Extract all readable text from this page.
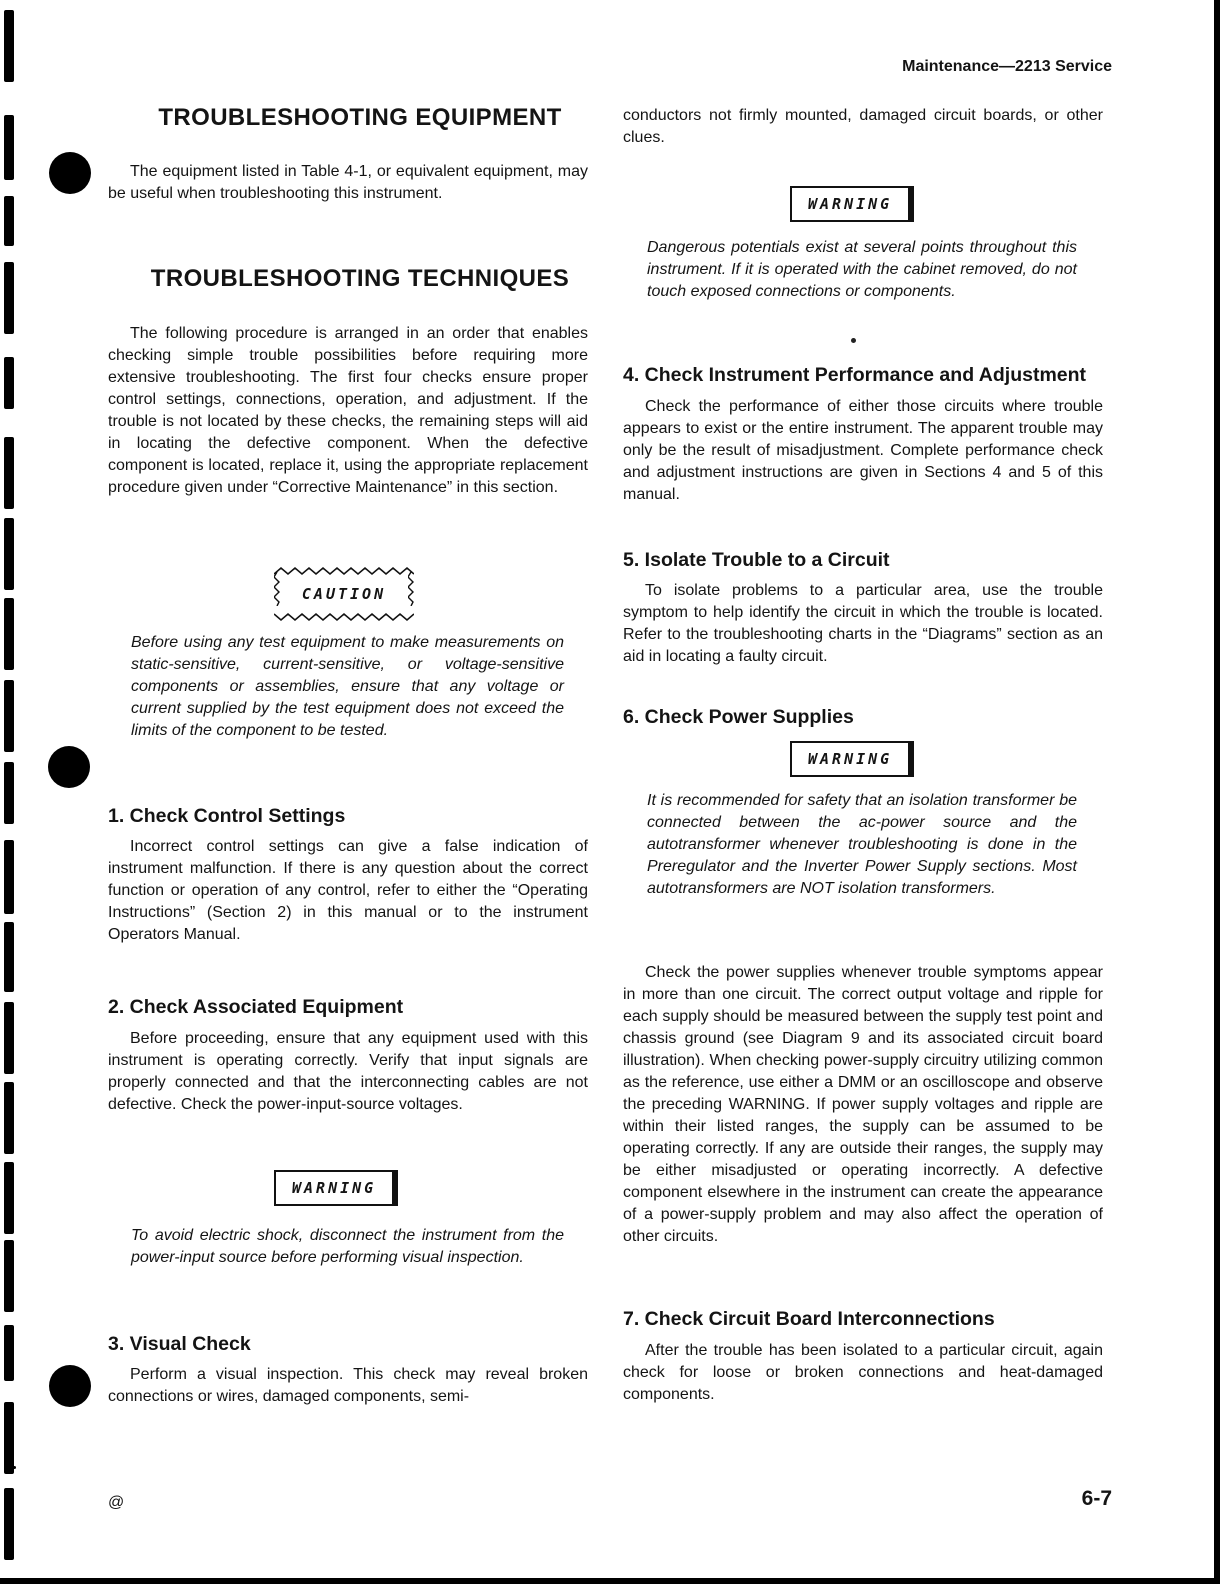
Maintenance—2213 Service
@	6-7
TROUBLESHOOTING EQUIPMENT

The equipment listed in Table 4-1, or equivalent equipment, may be useful when troubleshooting this instrument.

TROUBLESHOOTING TECHNIQUES

The following procedure is arranged in an order that enables checking simple trouble possibilities before requiring more extensive troubleshooting. The first four checks ensure proper control settings, connections, operation, and adjustment. If the trouble is not located by these checks, the remaining steps will aid in locating the defective component. When the defective component is located, replace it, using the appropriate replacement procedure given under “Corrective Maintenance” in this section.

CAUTION

Before using any test equipment to make measurements on static-sensitive, current-sensitive, or voltage-sensitive components or assemblies, ensure that any voltage or current supplied by the test equipment does not exceed the limits of the component to be tested.

1. Check Control Settings

Incorrect control settings can give a false indication of instrument malfunction. If there is any question about the correct function or operation of any control, refer to either the “Operating Instructions” (Section 2) in this manual or to the instrument Operators Manual.

2. Check Associated Equipment

Before proceeding, ensure that any equipment used with this instrument is operating correctly. Verify that input signals are properly connected and that the interconnecting cables are not defective. Check the power-input-source voltages.

WARNING

To avoid electric shock, disconnect the instrument from the power-input source before performing visual inspection.

3. Visual Check

Perform a visual inspection. This check may reveal broken connections or wires, damaged components, semi-

conductors not firmly mounted, damaged circuit boards, or other clues.

WARNING

Dangerous potentials exist at several points throughout this instrument. If it is operated with the cabinet removed, do not touch exposed connections or components.

4. Check Instrument Performance and Adjustment

Check the performance of either those circuits where trouble appears to exist or the entire instrument. The apparent trouble may only be the result of misadjustment. Complete performance check and adjustment instructions are given in Sections 4 and 5 of this manual.

5. Isolate Trouble to a Circuit

To isolate problems to a particular area, use the trouble symptom to help identify the circuit in which the trouble is located. Refer to the troubleshooting charts in the “Diagrams” section as an aid in locating a faulty circuit.

6. Check Power Supplies
WARNING

It is recommended for safety that an isolation transformer be connected between the ac-power source and the autotransformer whenever troubleshooting is done in the Preregulator and the Inverter Power Supply sections. Most autotransformers are NOT isolation transformers.

Check the power supplies whenever trouble symptoms appear in more than one circuit. The correct output voltage and ripple for each supply should be measured between the supply test point and chassis ground (see Diagram 9 and its associated circuit board illustration). When checking power-supply circuitry utilizing common as the reference, use either a DMM or an oscilloscope and observe the preceding WARNING. If power supply voltages and ripple are within their listed ranges, the supply can be assumed to be operating correctly. If any are outside their ranges, the supply may be either misadjusted or operating incorrectly. A defective component elsewhere in the instrument can create the appearance of a power-supply problem and may also affect the operation of other circuits.

7. Check Circuit Board Interconnections

After the trouble has been isolated to a particular circuit, again check for loose or broken connections and heat-damaged components.
